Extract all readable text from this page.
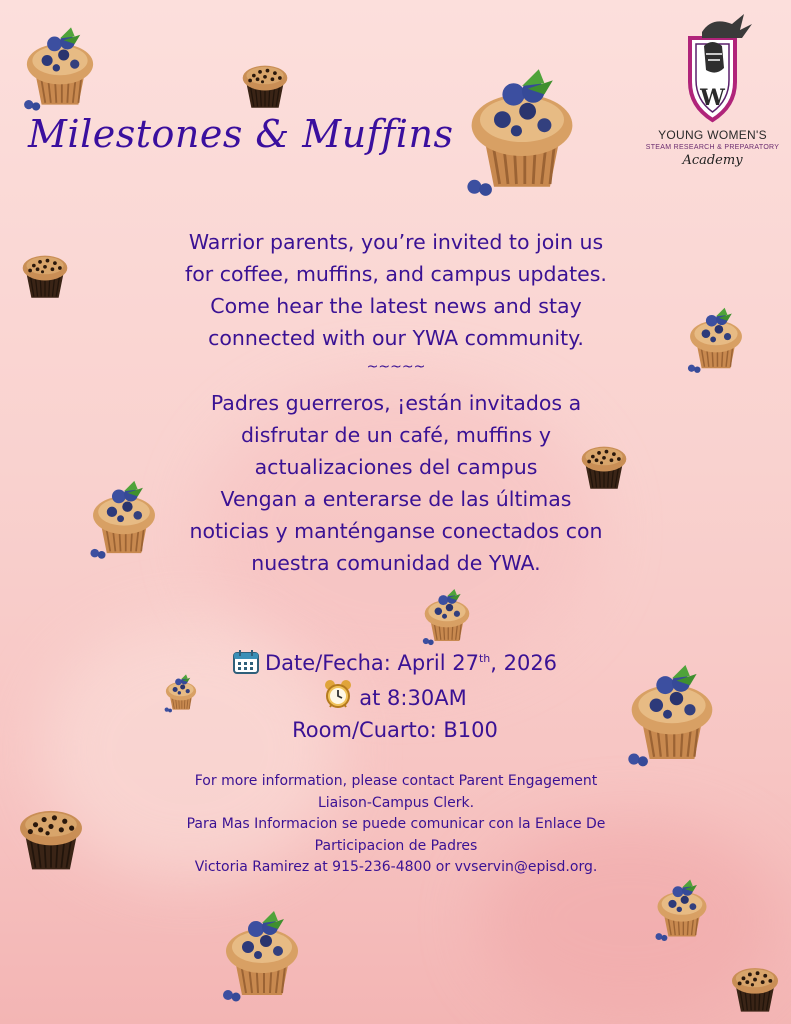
Milestones & Muffins
W
YOUNG WOMEN'S
STEAM RESEARCH & PREPARATORY
Academy

Warrior parents, you’re invited to join us

for coffee, muffins, and campus updates.

Come hear the latest news and stay

connected with our YWA community.

~~~~~

Padres guerreros, ¡están invitados a

disfrutar de un café, muffins y

actualizaciones del campus

Vengan a enterarse de las últimas

noticias y manténganse conectados con

nuestra comunidad de YWA.

Date/Fecha: April 27th, 2026

at 8:30AM

Room/Cuarto: B100

For more information, please contact Parent Engagement

Liaison-Campus Clerk.

Para Mas Informacion se puede comunicar con la Enlace De

Participacion de Padres

Victoria Ramirez at 915-236-4800 or vvservin@episd.org.
